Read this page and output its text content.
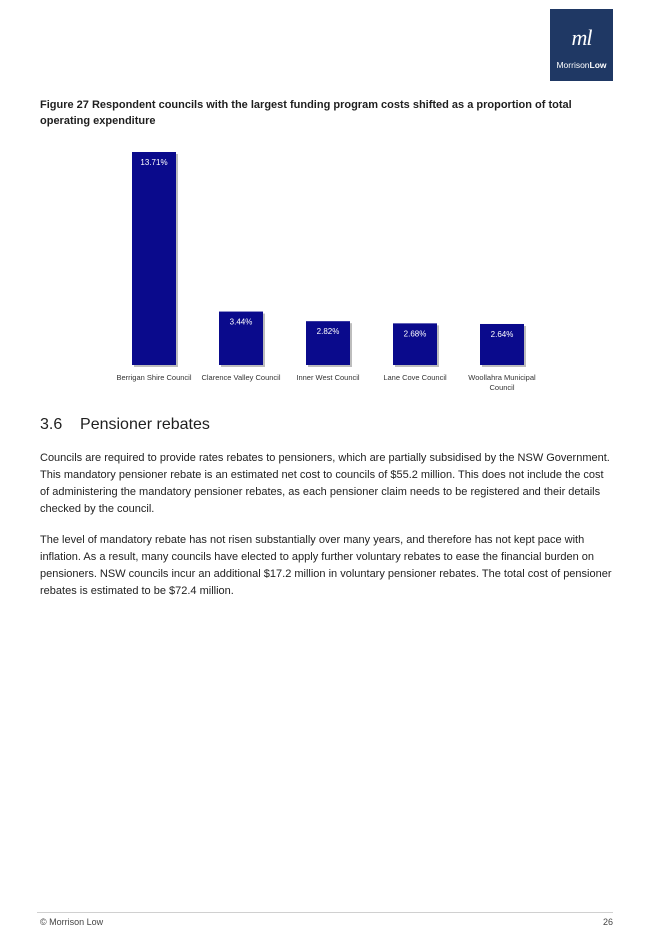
ml
MorrisonLow
Figure 27 Respondent councils with the largest funding program costs shifted as a proportion of total operating expenditure
13.71%
Berrigan Shire Council
3.44%
Clarence Valley Council
2.82%
Inner West Council
2.68%
Lane Cove Council
2.64%
Woollahra Municipal
Council
3.6 Pensioner rebates

Councils are required to provide rates rebates to pensioners, which are partially subsidised by the NSW Government. This mandatory pensioner rebate is an estimated net cost to councils of $55.2 million. This does not include the cost of administering the mandatory pensioner rebates, as each pensioner claim needs to be registered and their details checked by the council.

The level of mandatory rebate has not risen substantially over many years, and therefore has not kept pace with inflation. As a result, many councils have elected to apply further voluntary rebates to ease the financial burden on pensioners. NSW councils incur an additional $17.2 million in voluntary pensioner rebates. The total cost of pensioner rebates is estimated to be $72.4 million.

© Morrison Low	26
